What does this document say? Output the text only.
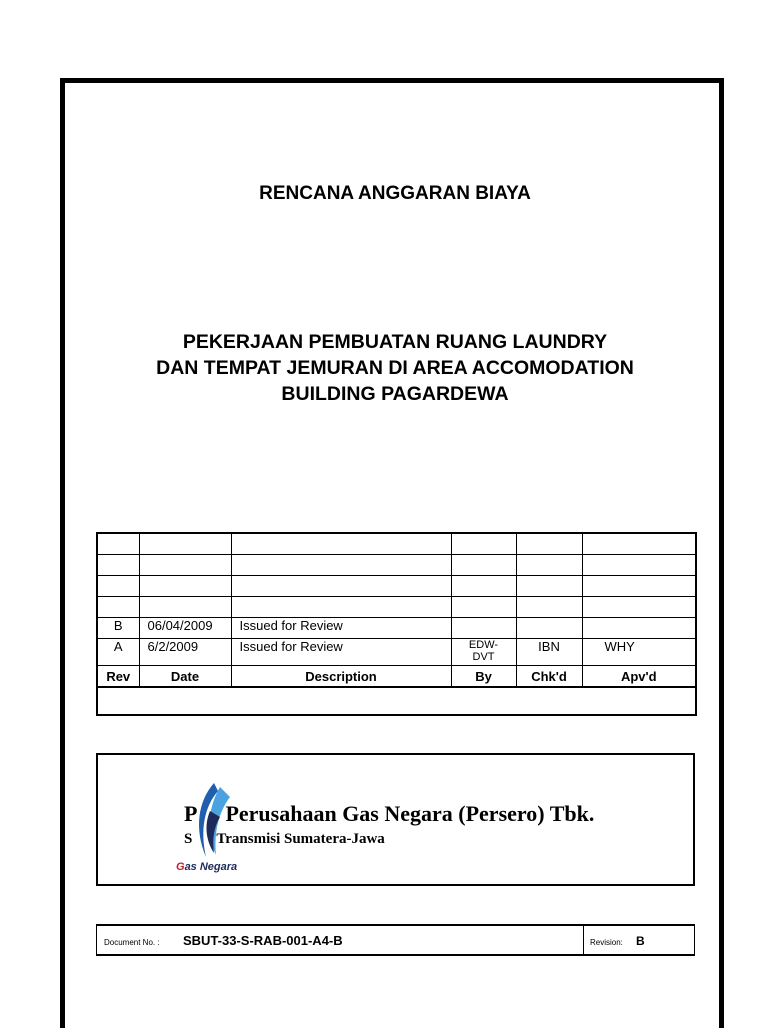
RENCANA ANGGARAN BIAYA
PEKERJAAN PEMBUATAN RUANG LAUNDRY
DAN TEMPAT JEMURAN DI AREA ACCOMODATION
BUILDING PAGARDEWA

B	06/04/2009	Issued for Review			
A	6/2/2009	Issued for Review	EDW-DVT	IBN	WHY
Rev	Date	Description	By	Chk'd	Apv'd

P Perusahaan Gas Negara (Persero) Tbk.
S Transmisi Sumatera-Jawa
Gas Negara
Document No. : SBUT-33-S-RAB-001-A4-B	Revision: B
